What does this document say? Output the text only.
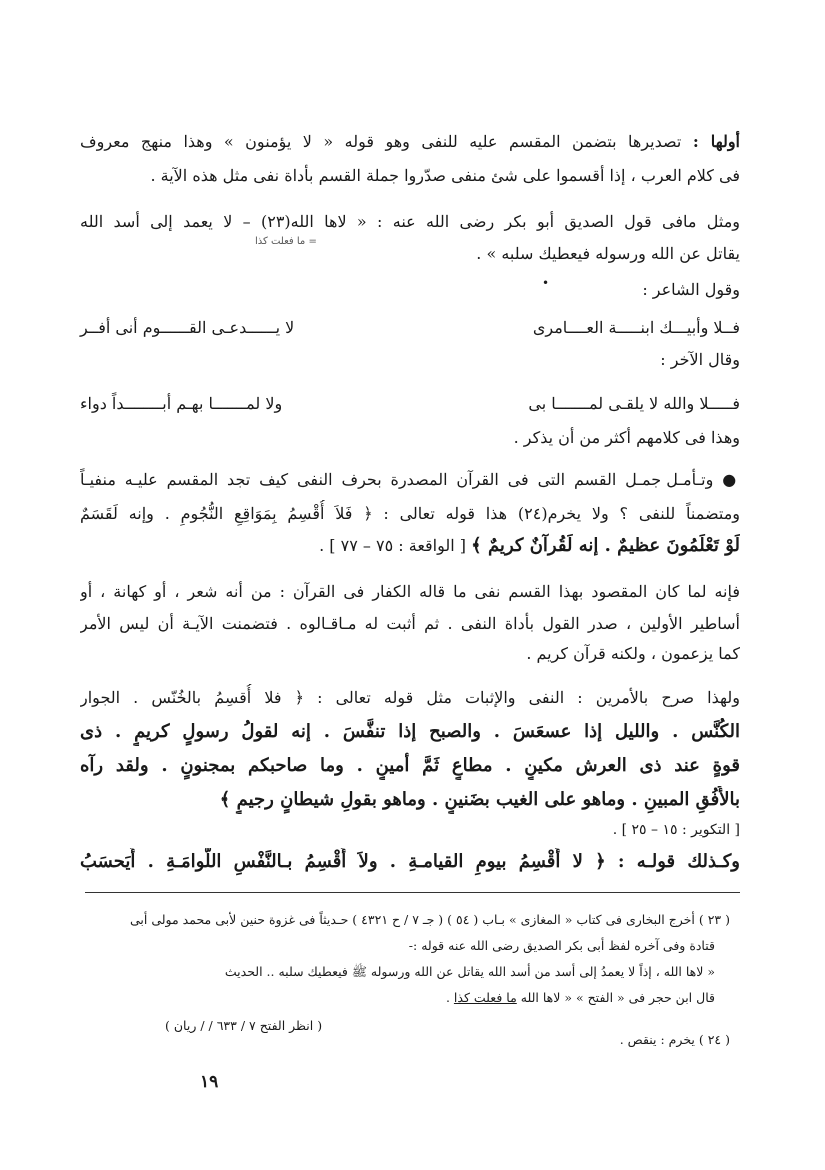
أولها : تصديرها بتضمن المقسم عليه للنفى وهو قوله « لا يؤمنون » وهذا منهج معروف
فى كلام العرب ، إذا أقسموا على شئ منفى صدّروا جملة القسم بأداة نفى مثل هذه الآية .
ومثل مافى قول الصديق أبو بكر رضى الله عنه : « لاها الله(٢٣) – لا يعمد إلى أسد الله
= ما فعلت كذا
يقاتل عن الله ورسوله فيعطيك سلبه » .
وقول الشاعر :
•
فــلا وأبيـــك ابنـــــة العــــامرى
لا يــــــدعـى القــــــوم أنى أفــر
وقال الآخر :
فـــــلا والله لا يلقـى لمـــــــا بى
ولا لمـــــــا بهـم أبــــــــداً دواء
وهذا فى كلامهم أكثر من أن يذكر .
● وتـأمـل جمـل القسم التى فى القرآن المصدرة بحرف النفى كيف تجد المقسم عليـه منفيـاً
ومتضمناً للنفى ؟ ولا يخرم(٢٤) هذا قوله تعالى : ﴿ فَلاَ أُقْسِمُ بِمَوَاقِعِ النُّجُومِ . وإنه لَقَسَمٌ
لَوْ تَعْلَمُونَ عظيمٌ . إنه لَقُرآنٌ كريمٌ ﴾ [ الواقعة : ٧٥ – ٧٧ ] .
فإنه لما كان المقصود بهذا القسم نفى ما قاله الكفار فى القرآن : من أنه شعر ، أو كهانة ، أو
أساطير الأولين ، صدر القول بأداة النفى . ثم أثبت له مـاقـالوه . فتضمنت الآيـة أن ليس الأمر
كما يزعمون ، ولكنه قرآن كريم .
ولهذا صرح بالأمرين : النفى والإثبات مثل قوله تعالى : ﴿ فلا أُقسِمُ بالخُنّس . الجوار
الكُنَّس . والليل إذا عسعَسَ . والصبح إذا تنفَّسَ . إنه لقولُ رسولٍ كريمٍ . ذى
قوةٍ عند ذى العرش مكينٍ . مطاعٍ ثَمَّ أمينٍ . وما صاحبكم بمجنونٍ . ولقد رآه
بالأُفُقِ المبينِ . وماهو على الغيب بضَنينٍ . وماهو بقولِ شيطانٍ رجيمٍ ﴾
[ التكوير : ١٥ – ٢٥ ] .
وكـذلك قولـه : ﴿ لا أُقْسِمُ بيومِ القيامـةِ . ولاَ أُقْسِمُ بـالنَّفْسِ اللّوامَـةِ . أَيَحسَبُ
( ٢٣ ) أخرج البخارى فى كتاب « المغازى » بـاب ( ٥٤ ) ( جـ ٧ / ح ٤٣٢١ ) حـديثاً فى غزوة حنين لأبى محمد مولى أبى
قتادة وفى آخره لفظ أبى بكر الصديق رضى الله عنه قوله :-
« لاها الله ، إذاً لا يعمدُ إلى أسد من أسد الله يقاتل عن الله ورسوله ﷺ فيعطيك سلبه .. الحديث
قال ابن حجر فى « الفتح » « لاها الله ما فعلت كذا .
( انظر الفتح ٧ / ٦٣٣ / / ريان )
( ٢٤ ) يخرم : ينقص .
١٩
